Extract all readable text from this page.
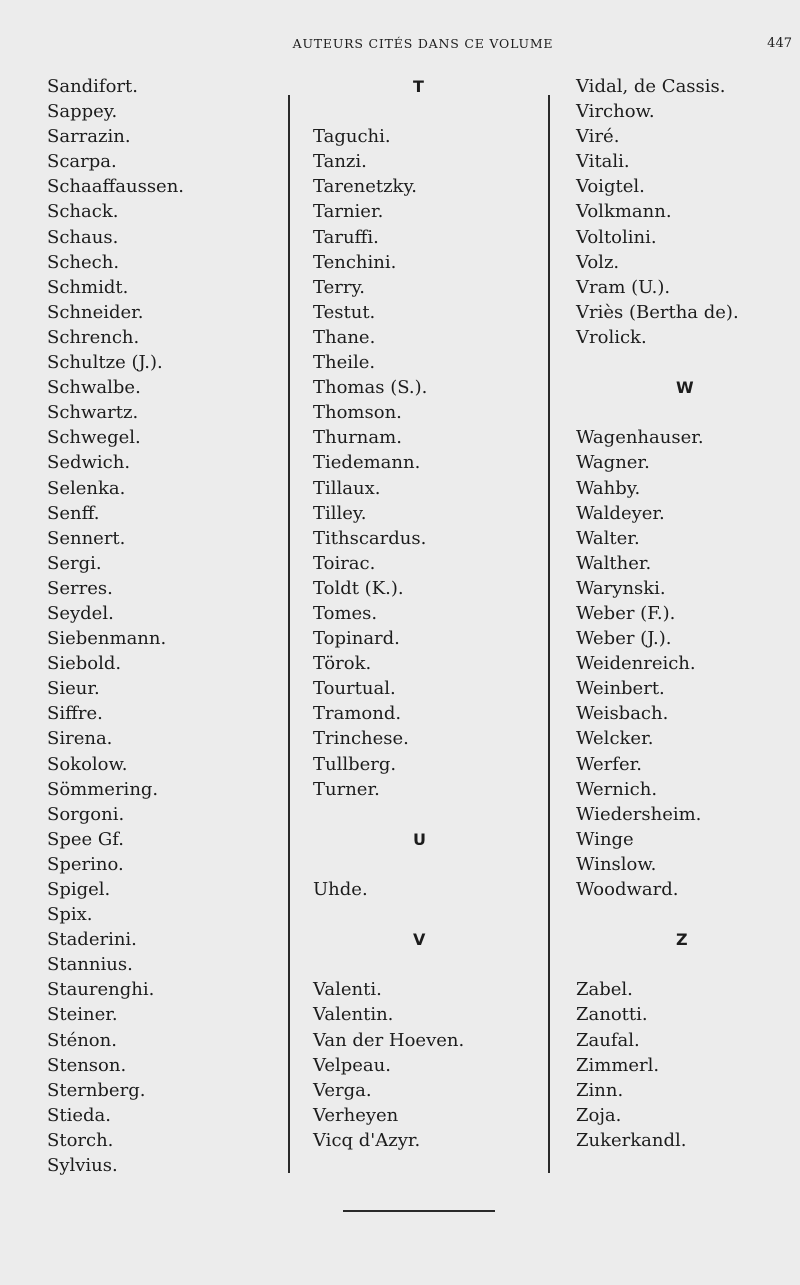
AUTEURS CITÉS DANS CE VOLUME	447
Sandifort.
Sappey.
Sarrazin.
Scarpa.
Schaaffaussen.
Schack.
Schaus.
Schech.
Schmidt.
Schneider.
Schrench.
Schultze (J.).
Schwalbe.
Schwartz.
Schwegel.
Sedwich.
Selenka.
Senff.
Sennert.
Sergi.
Serres.
Seydel.
Siebenmann.
Siebold.
Sieur.
Siffre.
Sirena.
Sokolow.
Sömmering.
Sorgoni.
Spee Gf.
Sperino.
Spigel.
Spix.
Staderini.
Stannius.
Staurenghi.
Steiner.
Sténon.
Stenson.
Sternberg.
Stieda.
Storch.
Sylvius.
T
Taguchi.
Tanzi.
Tarenetzky.
Tarnier.
Taruffi.
Tenchini.
Terry.
Testut.
Thane.
Theile.
Thomas (S.).
Thomson.
Thurnam.
Tiedemann.
Tillaux.
Tilley.
Tithscardus.
Toirac.
Toldt (K.).
Tomes.
Topinard.
Törok.
Tourtual.
Tramond.
Trinchese.
Tullberg.
Turner.
U
Uhde.
V
Valenti.
Valentin.
Van der Hoeven.
Velpeau.
Verga.
Verheyen
Vicq d'Azyr.
Vidal, de Cassis.
Virchow.
Viré.
Vitali.
Voigtel.
Volkmann.
Voltolini.
Volz.
Vram (U.).
Vriès (Bertha de).
Vrolick.
W
Wagenhauser.
Wagner.
Wahby.
Waldeyer.
Walter.
Walther.
Warynski.
Weber (F.).
Weber (J.).
Weidenreich.
Weinbert.
Weisbach.
Welcker.
Werfer.
Wernich.
Wiedersheim.
Winge
Winslow.
Woodward.
Z
Zabel.
Zanotti.
Zaufal.
Zimmerl.
Zinn.
Zoja.
Zukerkandl.
